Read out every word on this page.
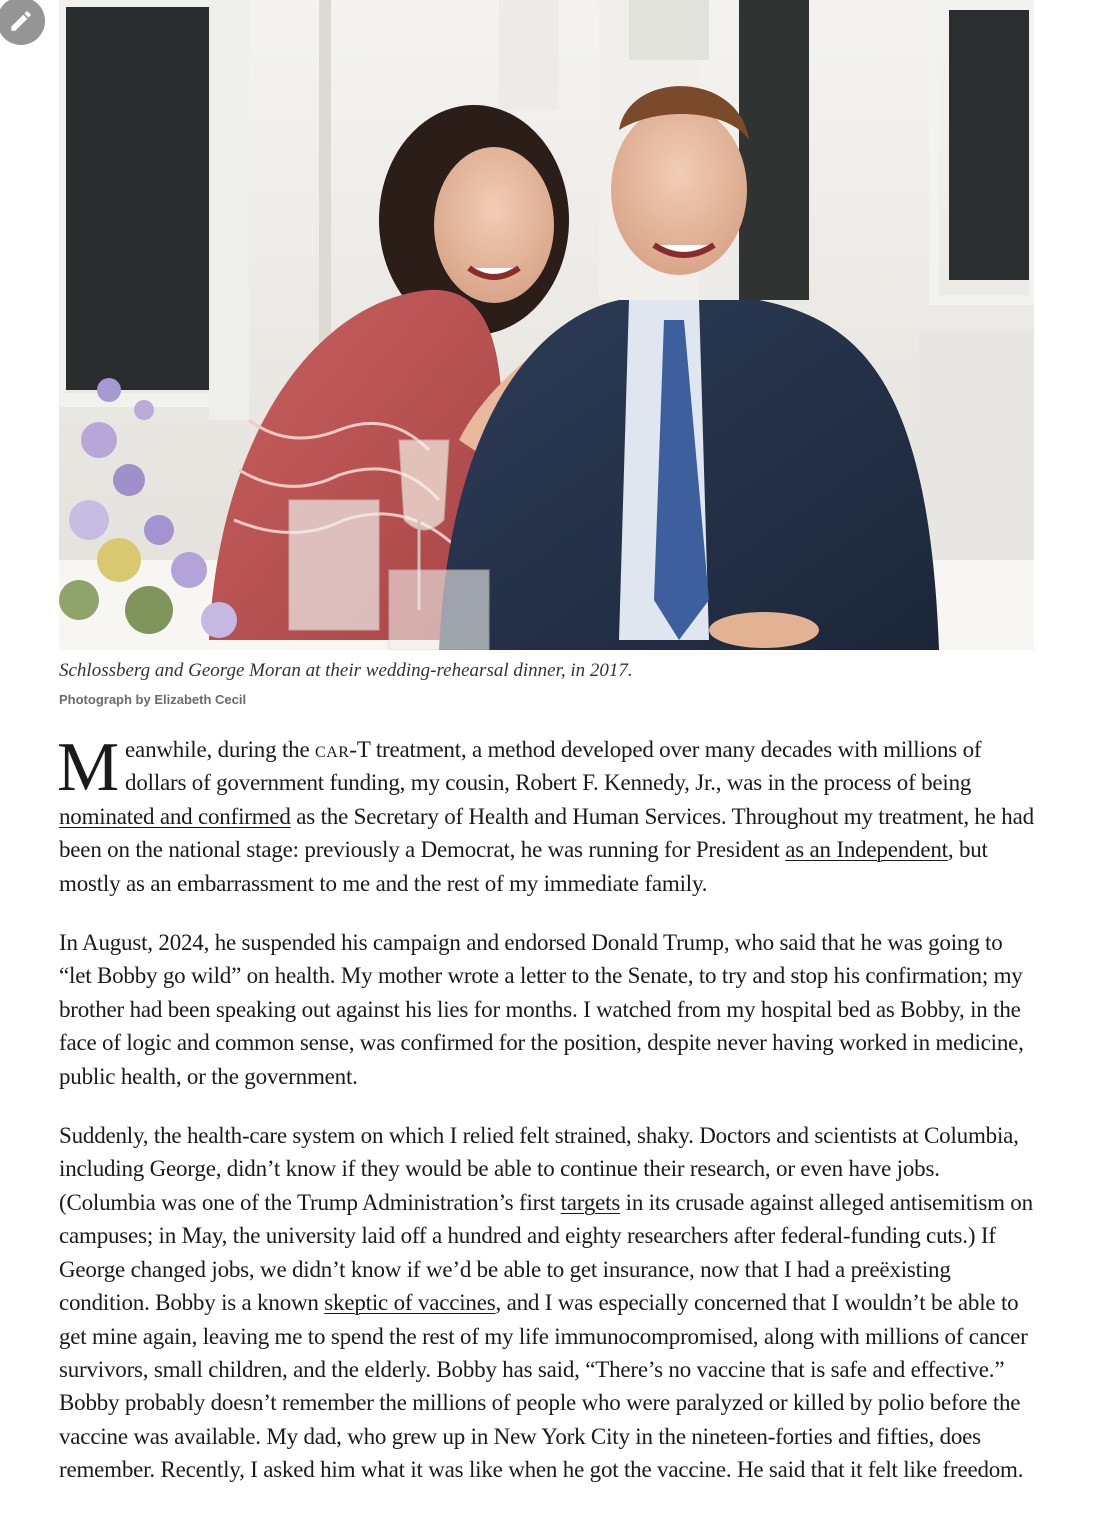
Schlossberg and George Moran at their wedding-rehearsal dinner, in 2017.

Photograph by Elizabeth Cecil

Meanwhile, during the car-T treatment, a method developed over many decades with millions of dollars of government funding, my cousin, Robert F. Kennedy, Jr., was in the process of being nominated and confirmed as the Secretary of Health and Human Services. Throughout my treatment, he had been on the national stage: previously a Democrat, he was running for President as an Independent, but mostly as an embarrassment to me and the rest of my immediate family.

In August, 2024, he suspended his campaign and endorsed Donald Trump, who said that he was going to “let Bobby go wild” on health. My mother wrote a letter to the Senate, to try and stop his confirmation; my brother had been speaking out against his lies for months. I watched from my hospital bed as Bobby, in the face of logic and common sense, was confirmed for the position, despite never having worked in medicine, public health, or the government.

Suddenly, the health-care system on which I relied felt strained, shaky. Doctors and scientists at Columbia, including George, didn’t know if they would be able to continue their research, or even have jobs. (Columbia was one of the Trump Administration’s first targets in its crusade against alleged antisemitism on campuses; in May, the university laid off a hundred and eighty researchers after federal-funding cuts.) If George changed jobs, we didn’t know if we’d be able to get insurance, now that I had a preëxisting condition. Bobby is a known skeptic of vaccines, and I was especially concerned that I wouldn’t be able to get mine again, leaving me to spend the rest of my life immunocompromised, along with millions of cancer survivors, small children, and the elderly. Bobby has said, “There’s no vaccine that is safe and effective.” Bobby probably doesn’t remember the millions of people who were paralyzed or killed by polio before the vaccine was available. My dad, who grew up in New York City in the nineteen-forties and fifties, does remember. Recently, I asked him what it was like when he got the vaccine. He said that it felt like freedom.
